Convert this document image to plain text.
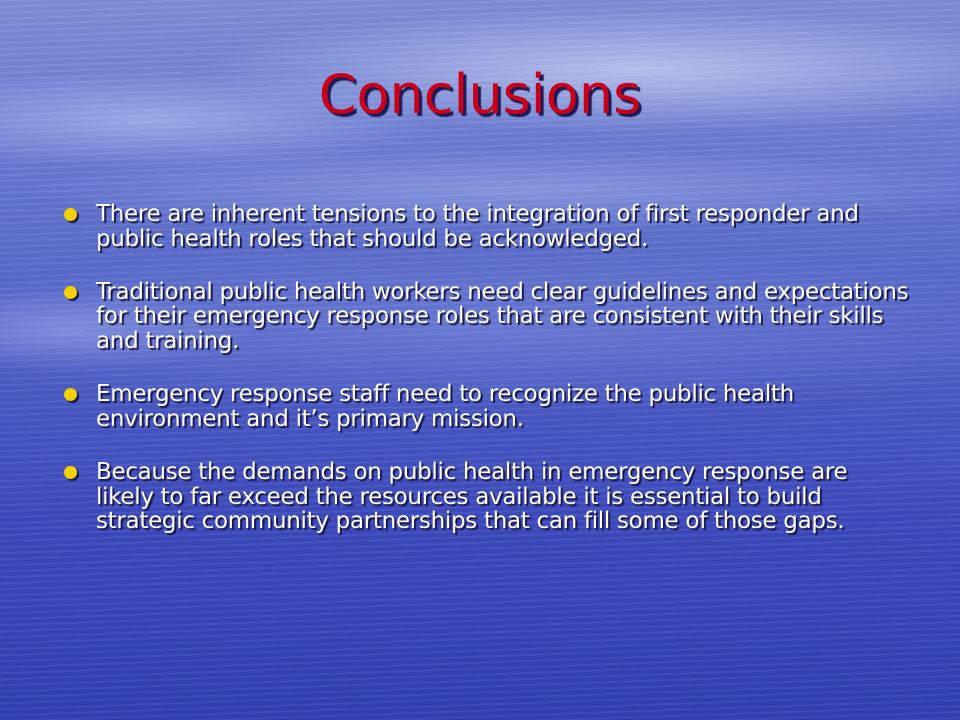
Conclusions
There are inherent tensions to the integration of first responder and public health roles that should be acknowledged.
Traditional public health workers need clear guidelines and expectations for their emergency response roles that are consistent with their skills and training.
Emergency response staff need to recognize the public health environment and it’s primary mission.
Because the demands on public health in emergency response are likely to far exceed the resources available it is essential to build strategic community partnerships that can fill some of those gaps.
